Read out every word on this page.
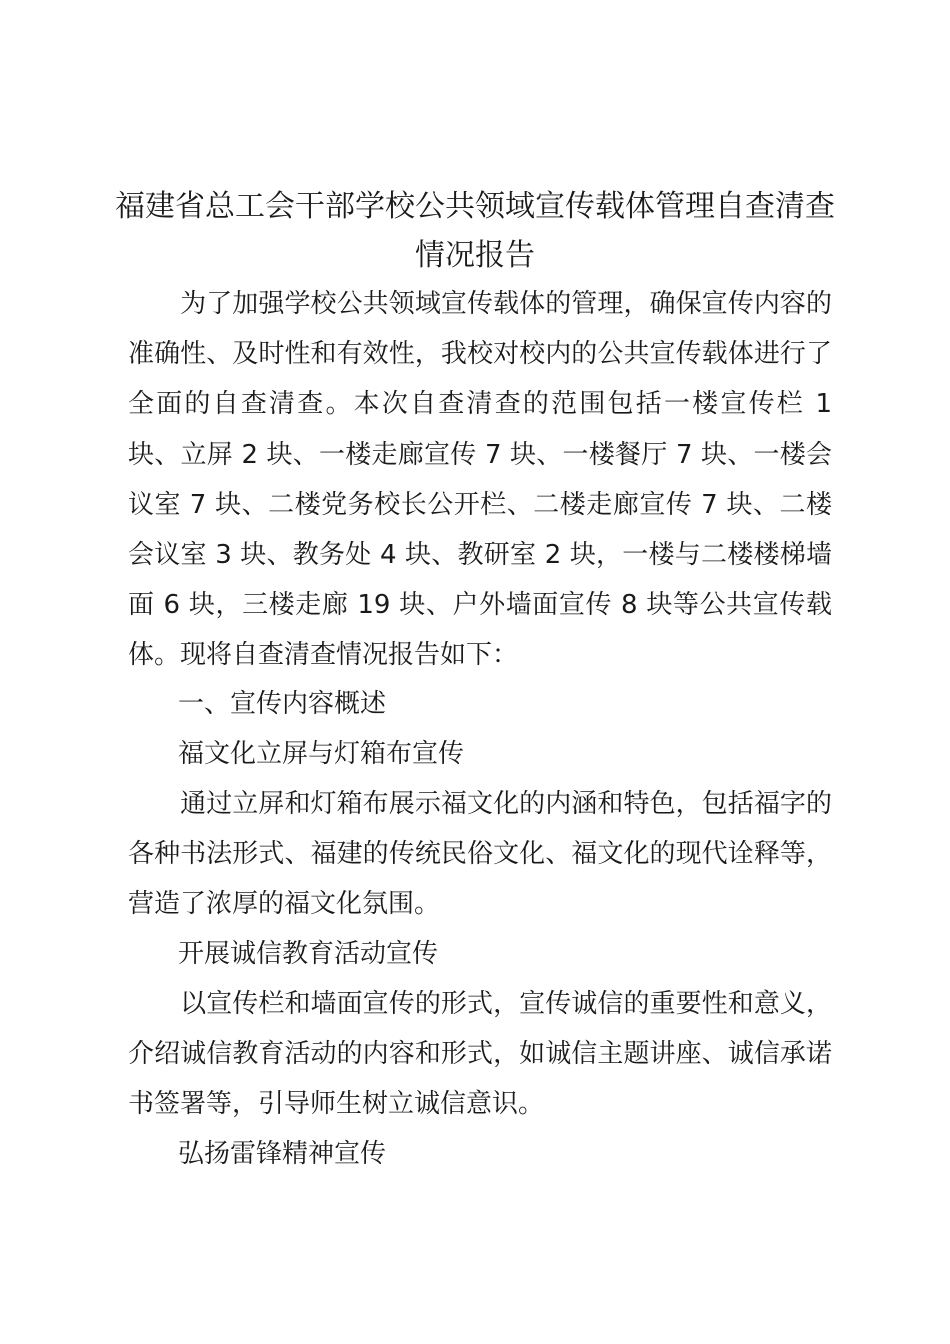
福建省总工会干部学校公共领域宣传载体管理自查清查
情况报告

　　为了加强学校公共领域宣传载体的管理，确保宣传内容的准确性、及时性和有效性，我校对校内的公共宣传载体进行了全面的自查清查。本次自查清查的范围包括一楼宣传栏 1 块、立屏 2 块、一楼走廊宣传 7 块、一楼餐厅 7 块、一楼会议室 7 块、二楼党务校长公开栏、二楼走廊宣传 7 块、二楼会议室 3 块、教务处 4 块、教研室 2 块，一楼与二楼楼梯墙面 6 块，三楼走廊 19 块、户外墙面宣传 8 块等公共宣传载体。现将自查清查情况报告如下：

一、宣传内容概述

福文化立屏与灯箱布宣传

　　通过立屏和灯箱布展示福文化的内涵和特色，包括福字的各种书法形式、福建的传统民俗文化、福文化的现代诠释等，营造了浓厚的福文化氛围。

开展诚信教育活动宣传

　　以宣传栏和墙面宣传的形式，宣传诚信的重要性和意义，介绍诚信教育活动的内容和形式，如诚信主题讲座、诚信承诺书签署等，引导师生树立诚信意识。

弘扬雷锋精神宣传
